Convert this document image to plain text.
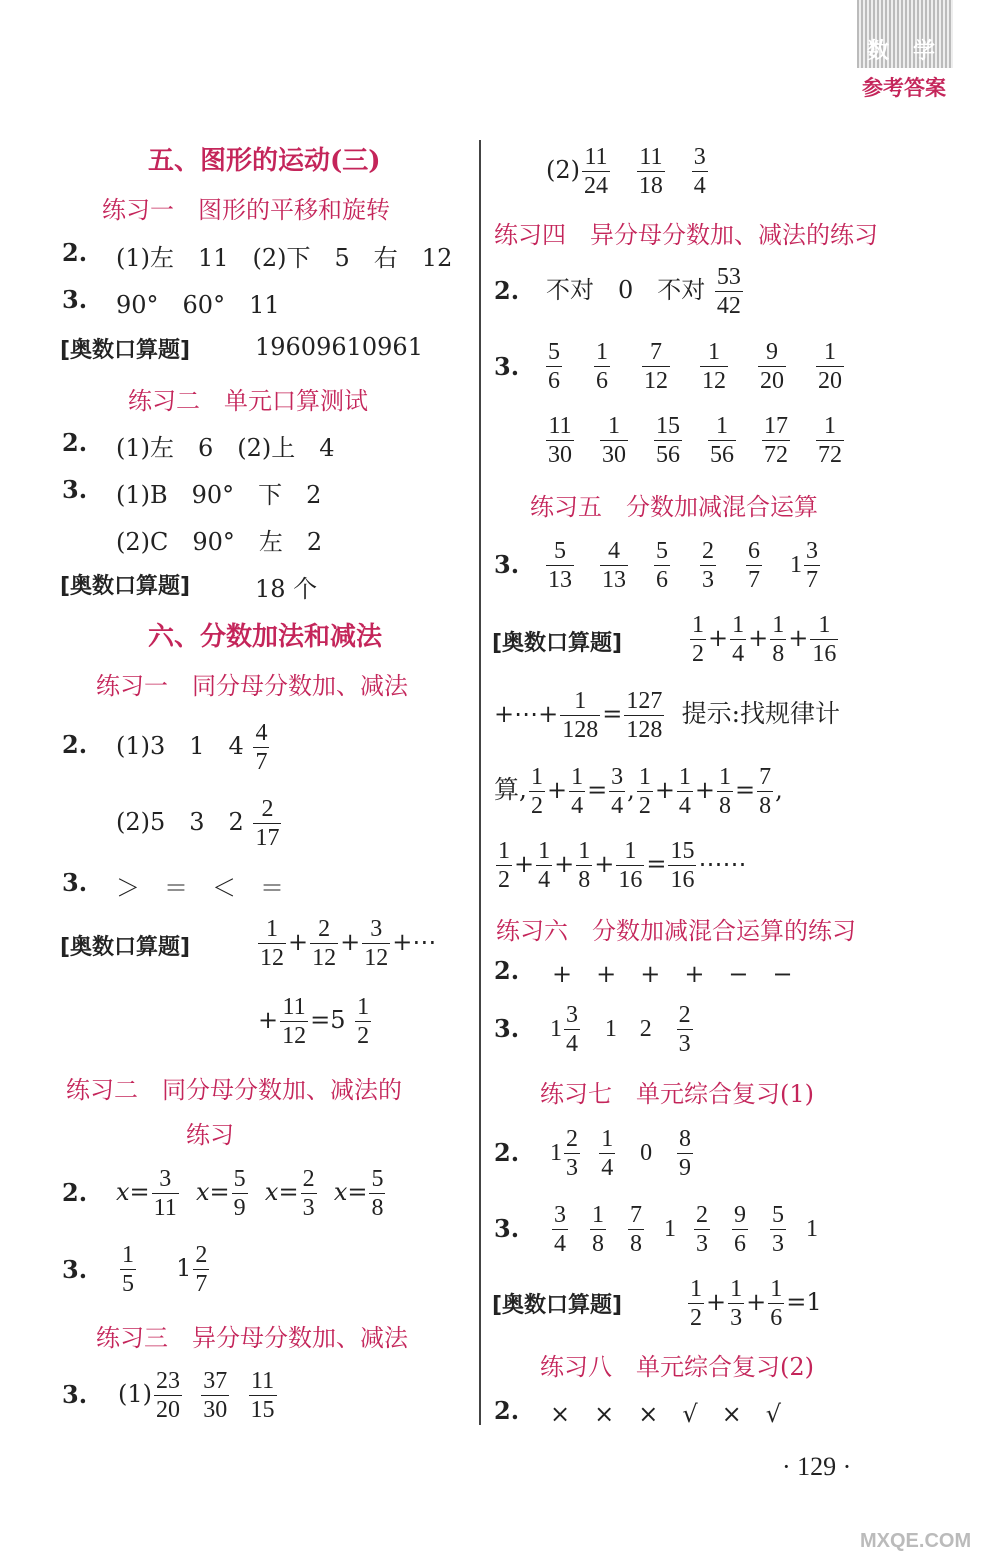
数 学
参考答案
五、图形的运动(三)
练习一　图形的平移和旋转
2. (1)左　11　(2)下　5　右　12
3. 90°　60°　11
[奥数口算题]	19609610961
练习二　单元口算测试
2. (1)左　6　(2)上　4
3. (1)B　90°　下　2
(2)C　90°　左　2
[奥数口算题]	18 个
六、分数加法和减法
练习一　同分母分数加、减法
2. (1)3　1　$4 \frac{4}{7}$
(2)5　3　$2 \frac{2}{17}$
3. ＞　＝　＜　＝
[奥数口算题]	$\frac{1}{12} + \frac{2}{12} + \frac{3}{12}$ +⋯
+ $\frac{11}{12} =5 \frac{1}{2}$
练习二　同分母分数加、减法的
练习
2. $x= \frac{3}{11} x= \frac{5}{9} x= \frac{2}{3} x= \frac{5}{8}$
3. $\frac{1}{5} 1 \frac{2}{7}$
练习三　异分母分数加、减法
3. $(1) \frac{23}{20}$
$\frac{37}{30}$
$\frac{11}{15}$
$(2) \frac{11}{24}$
$\frac{11}{18}$
$\frac{3}{4}$
练习四　异分母分数加、减法的练习
2. 不对　0　不对 $\frac{53}{42}$
3. $\frac{5}{6} \frac{1}{6} \frac{7}{12} \frac{1}{12} \frac{9}{20} \frac{1}{20}$
$\frac{11}{30} \frac{1}{30} \frac{15}{56} \frac{1}{56} \frac{17}{72} \frac{1}{72}$
练习五　分数加减混合运算
3. $\frac{5}{13} \frac{4}{13} \frac{5}{6} \frac{2}{3} \frac{6}{7} 1 \frac{3}{7}$
[奥数口算题]	$\frac{1}{2} + \frac{1}{4} + \frac{1}{8} + \frac{1}{16}$
+⋯+ $\frac{1}{128} = \frac{127}{128}$ 提示:找规律计
算, $\frac{1}{2} + \frac{1}{4} = \frac{3}{4}$ , $\frac{1}{2} + \frac{1}{4} + \frac{1}{8} = \frac{7}{8}$ ,
$\frac{1}{2} + \frac{1}{4} + \frac{1}{8} + \frac{1}{16} = \frac{15}{16}$ ⋯⋯
练习六　分数加减混合运算的练习
2. +　+　+　+　−　−
3. $1 \frac{3}{4} 1$ $2 \frac{2}{3}$
练习七　单元综合复习(1)
2. $1 \frac{2}{3}$
$\frac{1}{4} 0 \frac{8}{9}$
3. $\frac{3}{4} \frac{1}{8} \frac{7}{8} 1 \frac{2}{3} \frac{9}{6} \frac{5}{3} 1$
[奥数口算题]	$\frac{1}{2} + \frac{1}{3} + \frac{1}{6} =1$
练习八　单元综合复习(2)
2. ×　×　×　√　×　√
· 129 ·
MXQE.COM
